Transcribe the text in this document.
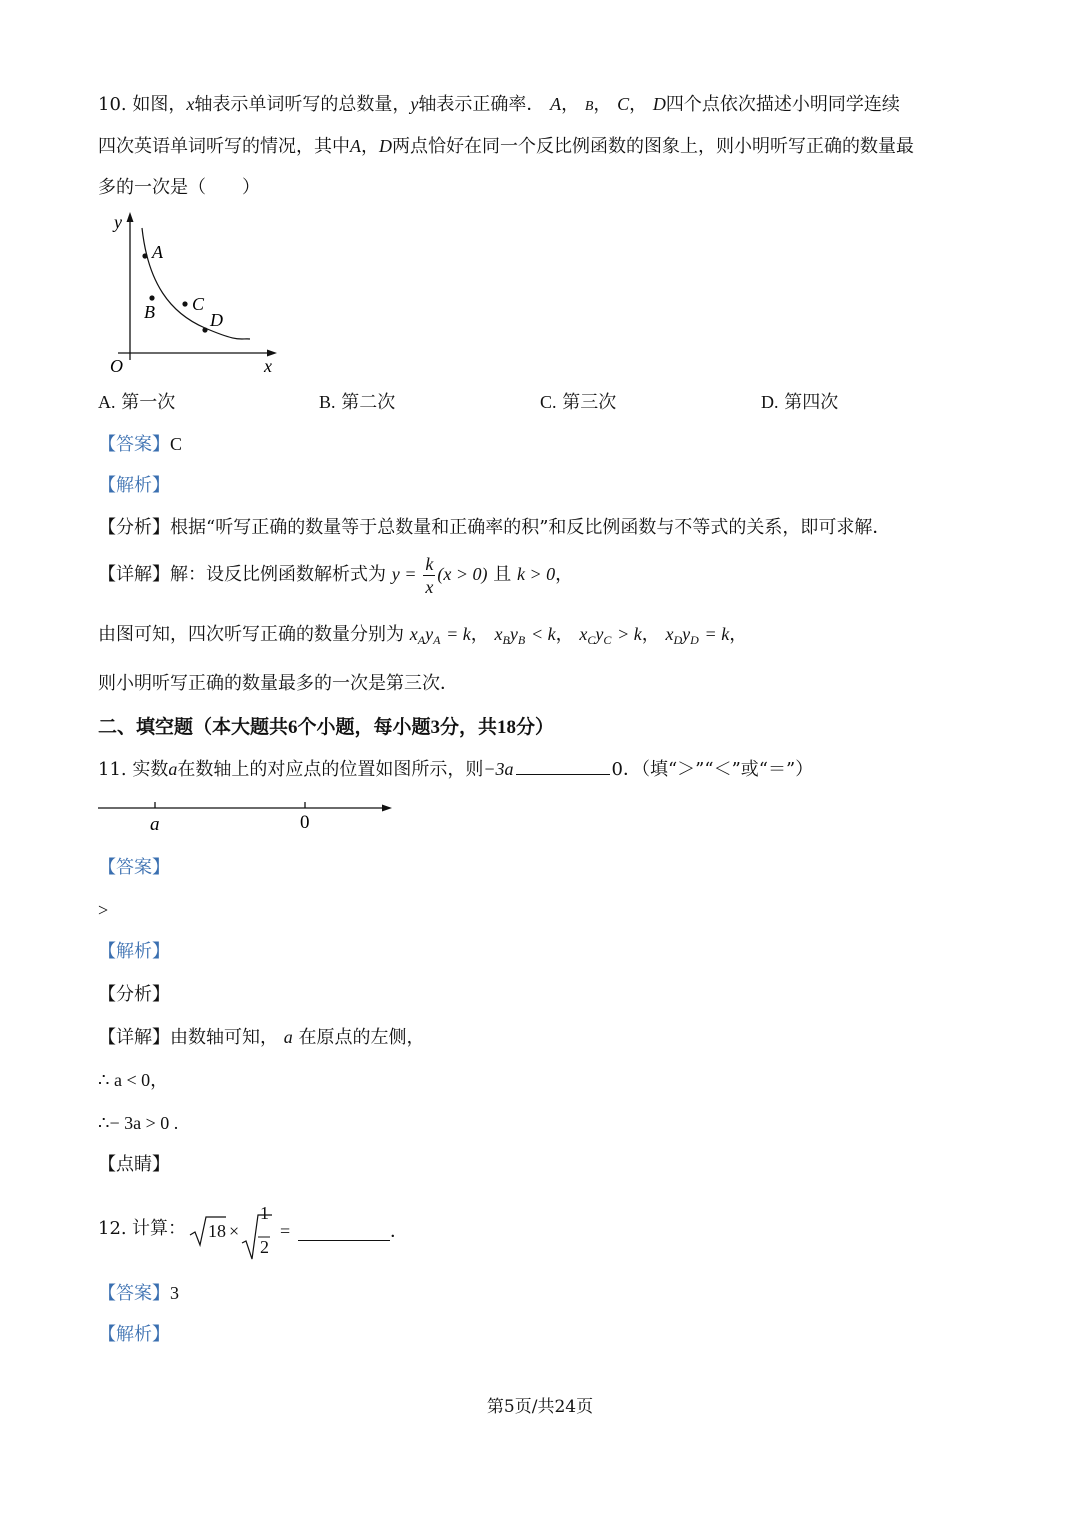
10. 如图，x轴表示单词听写的总数量，y轴表示正确率． A， B， C， D四个点依次描述小明同学连续
四次英语单词听写的情况，其中A，D两点恰好在同一个反比例函数的图象上，则小明听写正确的数量最
多的一次是（　　）
y
A
B C
D
O	x
A. 第一次	B. 第二次	C. 第三次	D. 第四次
【答案】C
【解析】
【分析】根据“听写正确的数量等于总数量和正确率的积”和反比例函数与不等式的关系，即可求解．
【详解】解：设反比例函数解析式为 $y = \frac{k}{x} (x > 0)$ 且 k > 0，
由图可知，四次听写正确的数量分别为 $x_Ay_A = k$， $x_By_B < k$， $x_Cy_C > k$， $x_Dy_D = k$，
则小明听写正确的数量最多的一次是第三次．
二、填空题（本大题共6个小题，每小题3分，共18分）
11. 实数a在数轴上的对应点的位置如图所示，则−3a	0．（填“＞”“＜”或“＝”）
a	0
【答案】
>
【解析】
【分析】
【详解】由数轴可知， a 在原点的左侧，
∴ a < 0，
∴− 3a > 0 .
【点睛】
12. 计算： 18 ×
1
2
=	．
【答案】3
【解析】
第5页/共24页
